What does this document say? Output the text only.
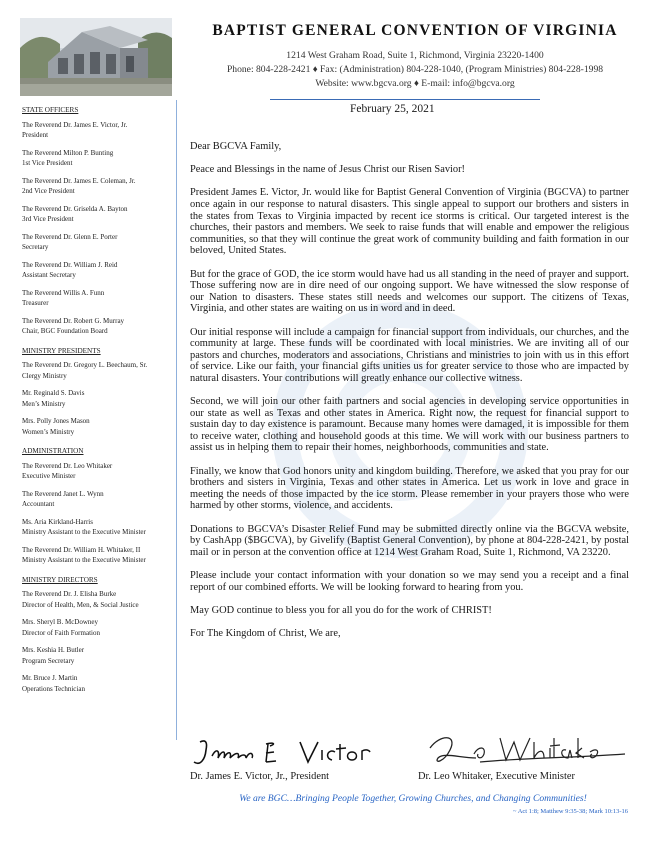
BAPTIST GENERAL CONVENTION OF VIRGINIA
1214 West Graham Road, Suite 1, Richmond, Virginia 23220-1400
Phone: 804-228-2421 ♦ Fax: (Administration) 804-228-1040, (Program Ministries) 804-228-1998
Website: www.bgcva.org ♦ E-mail: info@bgcva.org
STATE OFFICERS
The Reverend Dr. James E. Victor, Jr.
President
The Reverend Milton P. Bunting
1st Vice President
The Reverend Dr. James E. Coleman, Jr.
2nd Vice President
The Reverend Dr. Griselda A. Bayton
3rd Vice President
The Reverend Dr. Glenn E. Porter
Secretary
The Reverend Dr. William J. Reid
Assistant Secretary
The Reverend Willis A. Funn
Treasurer
The Reverend Dr. Robert G. Murray
Chair, BGC Foundation Board
MINISTRY PRESIDENTS
The Reverend Dr. Gregory L. Beechaum, Sr.
Clergy Ministry
Mr. Reginald S. Davis
Men’s Ministry
Mrs. Polly Jones Mason
Women’s Ministry
ADMINISTRATION
The Reverend Dr. Leo Whitaker
Executive Minister
The Reverend Janet L. Wynn
Accountant
Ms. Aria Kirkland-Harris
Ministry Assistant to the Executive Minister
The Reverend Dr. William H. Whitaker, II
Ministry Assistant to the Executive Minister
MINISTRY DIRECTORS
The Reverend Dr. J. Elisha Burke
Director of Health, Men, & Social Justice
Mrs. Sheryl B. McDowney
Director of Faith Formation
Mrs. Keshia H. Butler
Program Secretary
Mr. Bruce J. Martin
Operations Technician
February 25, 2021

Dear BGCVA Family,

Peace and Blessings in the name of Jesus Christ our Risen Savior!

President James E. Victor, Jr. would like for Baptist General Convention of Virginia (BGCVA) to partner once again in our response to natural disasters. This single appeal to support our brothers and sisters in the states from Texas to Virginia impacted by recent ice storms is critical. Our targeted interest is the churches, their pastors and members. We seek to raise funds that will enable and empower the religious communities, so that they will continue the great work of community building and faith formation in our beloved, United States.

But for the grace of GOD, the ice storm would have had us all standing in the need of prayer and support. Those suffering now are in dire need of our ongoing support. We have witnessed the slow response of our Nation to disasters. These states still needs and welcomes our support. The citizens of Texas, Virginia, and other states are waiting on us in word and in deed.

Our initial response will include a campaign for financial support from individuals, our churches, and the community at large. These funds will be coordinated with local ministries. We are inviting all of our pastors and churches, moderators and associations, Christians and ministries to join with us in this effort of service. Like our faith, your financial gifts unities us for greater service to those who are impacted by natural disasters. Your contributions will greatly enhance our collective witness.

Second, we will join our other faith partners and social agencies in developing service opportunities in our state as well as Texas and other states in America. Right now, the request for financial support to sustain day to day existence is paramount. Because many homes were damaged, it is impossible for them to receive water, clothing and household goods at this time. We will work with our business partners to assist us in helping them to repair their homes, neighborhoods, communities and state.

Finally, we know that God honors unity and kingdom building. Therefore, we asked that you pray for our brothers and sisters in Virginia, Texas and other states in America. Let us work in love and grace in meeting the needs of those impacted by the ice storm. Please remember in your prayers those who were harmed by other storms, violence, and accidents.

Donations to BGCVA’s Disaster Relief Fund may be submitted directly online via the BGCVA website, by CashApp ($BGCVA), by Givelify (Baptist General Convention), by phone at 804-228-2421, by postal mail or in person at the convention office at 1214 West Graham Road, Suite 1, Richmond, VA 23220.

Please include your contact information with your donation so we may send you a receipt and a final report of our combined efforts. We will be looking forward to hearing from you.

May GOD continue to bless you for all you do for the work of CHRIST!

For The Kingdom of Christ, We are,

Dr. James E. Victor, Jr., President	Dr. Leo Whitaker, Executive Minister
We are BGC…Bringing People Together, Growing Churches, and Changing Communities!
~ Act 1:8; Matthew 9:35-38; Mark 10:13-16
